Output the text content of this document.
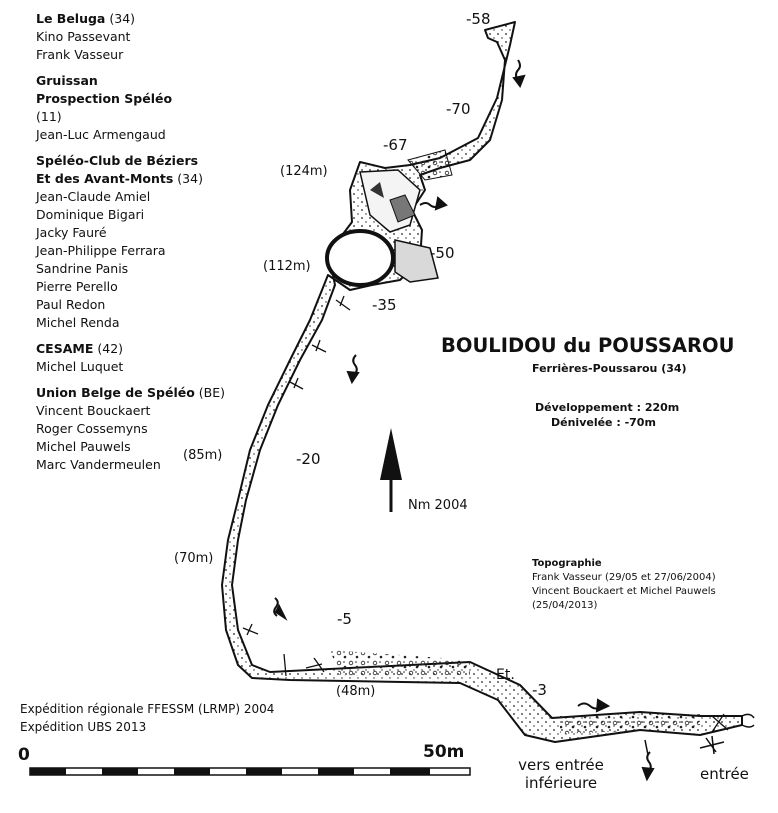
Le Beluga (34)
Kino Passevant
Frank Vasseur
Gruissan Prospection Spéléo (11)
Jean-Luc Armengaud
Spéléo-Club de Béziers Et des Avant-Monts (34)
Jean-Claude Amiel
Dominique Bigari
Jacky Fauré
Jean-Philippe Ferrara
Sandrine Panis
Pierre Perello
Paul Redon
Michel Renda
CESAME (42)
Michel Luquet
Union Belge de Spéléo (BE)
Vincent Bouckaert
Roger Cossemyns
Michel Pauwels
Marc Vandermeulen
-58
-70
-67
-50
-35
-20
-5
-3
(124m)
(112m)
(85m)
(70m)
(48m)
Et.
vers entrée
inférieure	entrée
BOULIDOU du POUSSAROU
Ferrières-Poussarou (34)
Développement : 220m
Dénivelée : -70m
Topographie
Frank Vasseur (29/05 et 27/06/2004)
Vincent Bouckaert et Michel Pauwels (25/04/2013)
Expédition régionale FFESSM (LRMP) 2004
Expédition UBS 2013
Nm 2004
0	50m
